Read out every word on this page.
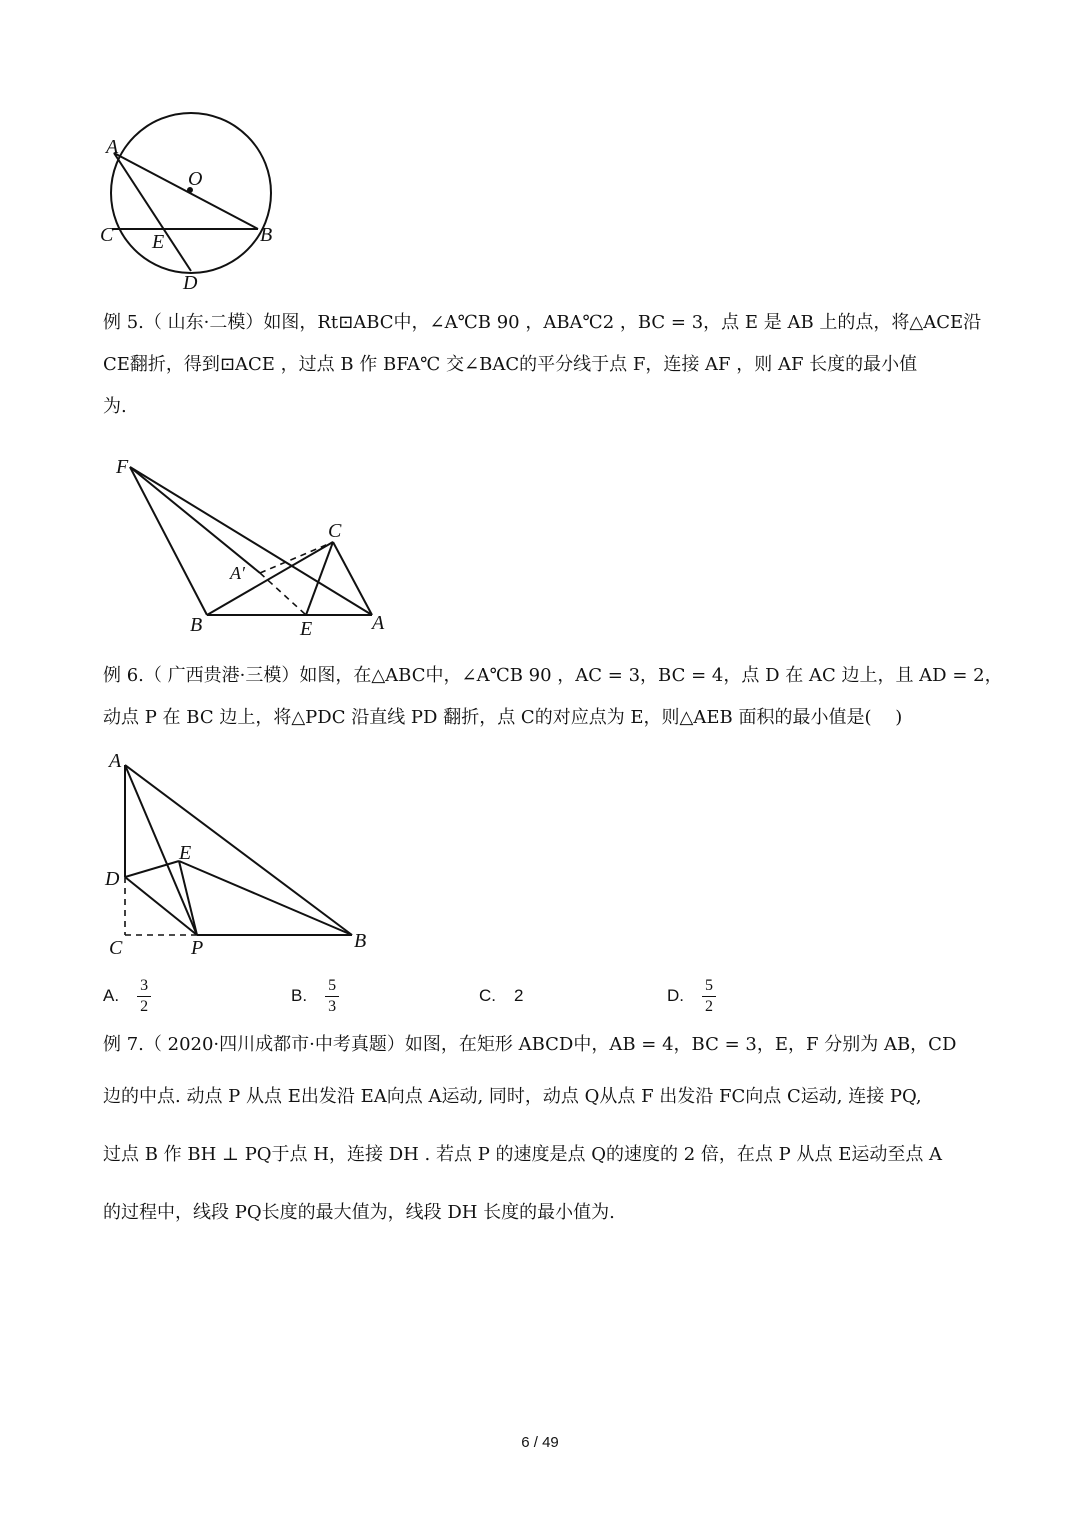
A
O
C E	B
D
例 5.（ 山东·二模）如图，Rt⊡ABC中，∠A℃B 90 ，ABA℃2 ，BC = 3，点 E 是 AB 上的点，将△ACE沿
CE翻折，得到⊡ACE ，过点 B 作 BFA℃ 交∠BAC的平分线于点 F，连接 AF ，则 AF 长度的最小值
为.
F
C
A′
B	E	A
例 6.（ 广西贵港·三模）如图，在△ABC中，∠A℃B 90 ，AC = 3，BC = 4，点 D 在 AC 边上，且 AD = 2，
动点 P 在 BC 边上，将△PDC 沿直线 PD 翻折，点 C的对应点为 E，则△AEB 面积的最小值是(　 )
A
E
D
C	P	B
A. $\frac{3}{2}$	B. $\frac{5}{3}$	C. 2	D. $\frac{5}{2}$
例 7.（ 2020·四川成都市·中考真题）如图，在矩形 ABCD中，AB = 4，BC = 3，E，F 分别为 AB，CD
边的中点. 动点 P 从点 E出发沿 EA向点 A运动, 同时，动点 Q从点 F 出发沿 FC向点 C运动, 连接 PQ,
过点 B 作 BH ⊥ PQ于点 H，连接 DH . 若点 P 的速度是点 Q的速度的 2 倍，在点 P 从点 E运动至点 A
的过程中，线段 PQ长度的最大值为，线段 DH 长度的最小值为.
6 / 49
